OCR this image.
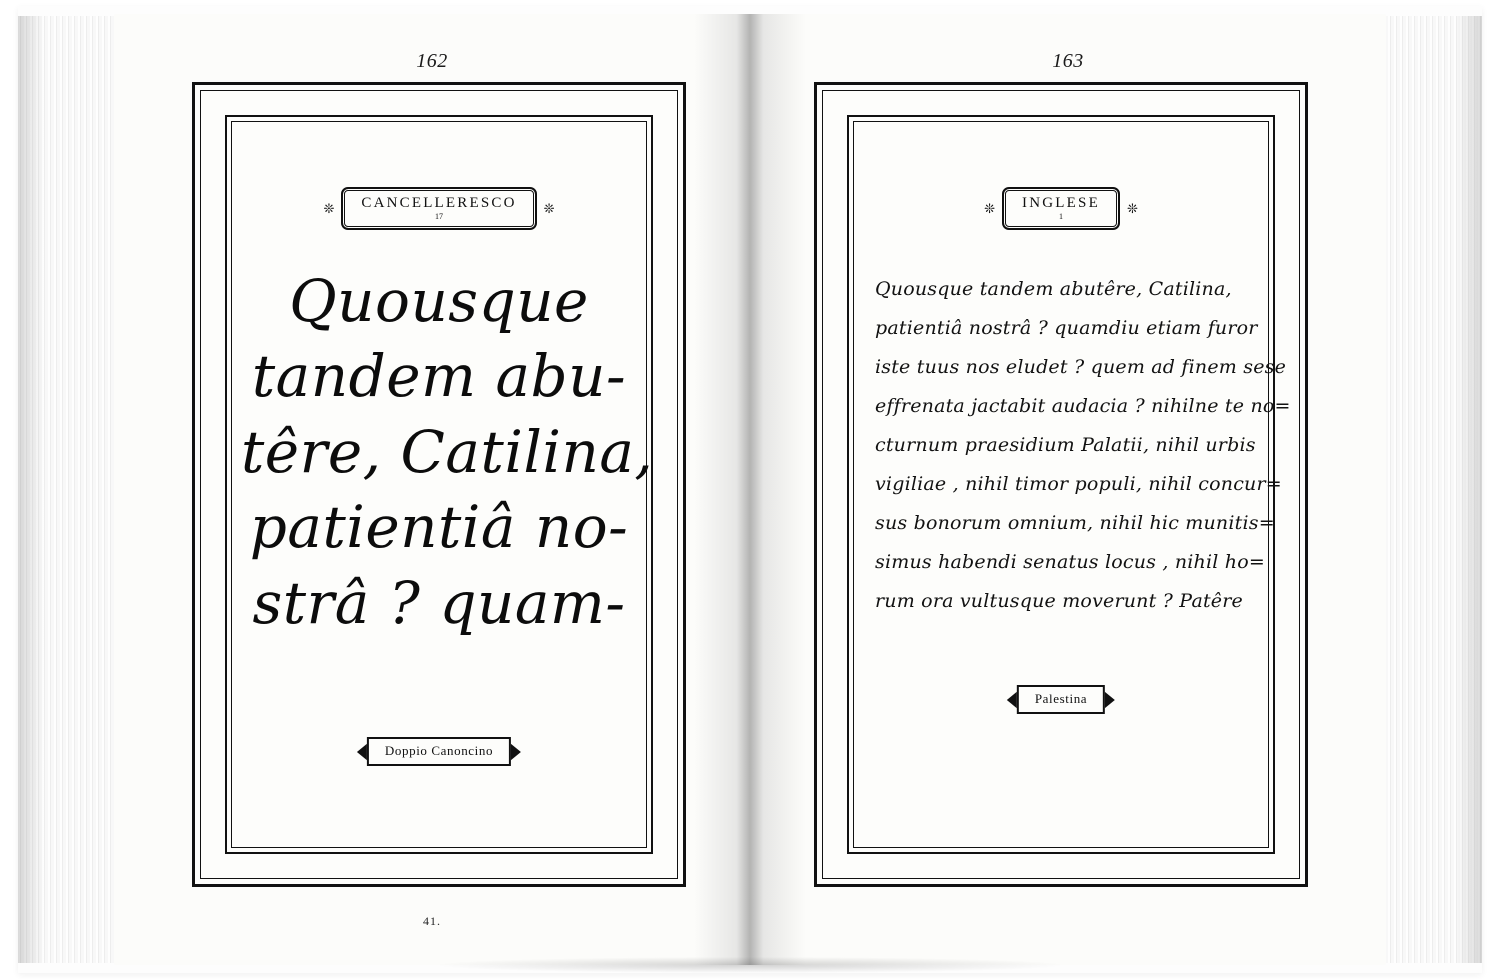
162
❊	CANCELLERESCO
17
❊
Quousque
tandem abu-
têre, Catilina,
patientiâ no-
strâ ? quam-
Doppio Canoncino
41.
163
❊	INGLESE
1
❊
Quousque tandem abutêre, Catilina,
patientiâ nostrâ ? quamdiu etiam furor
iste tuus nos eludet ? quem ad finem sese
effrenata jactabit audacia ? nihilne te no=
cturnum praesidium Palatii, nihil urbis
vigiliae , nihil timor populi, nihil concur=
sus bonorum omnium, nihil hic munitis=
simus habendi senatus locus , nihil ho=
rum ora vultusque moverunt ? Patêre
Palestina
